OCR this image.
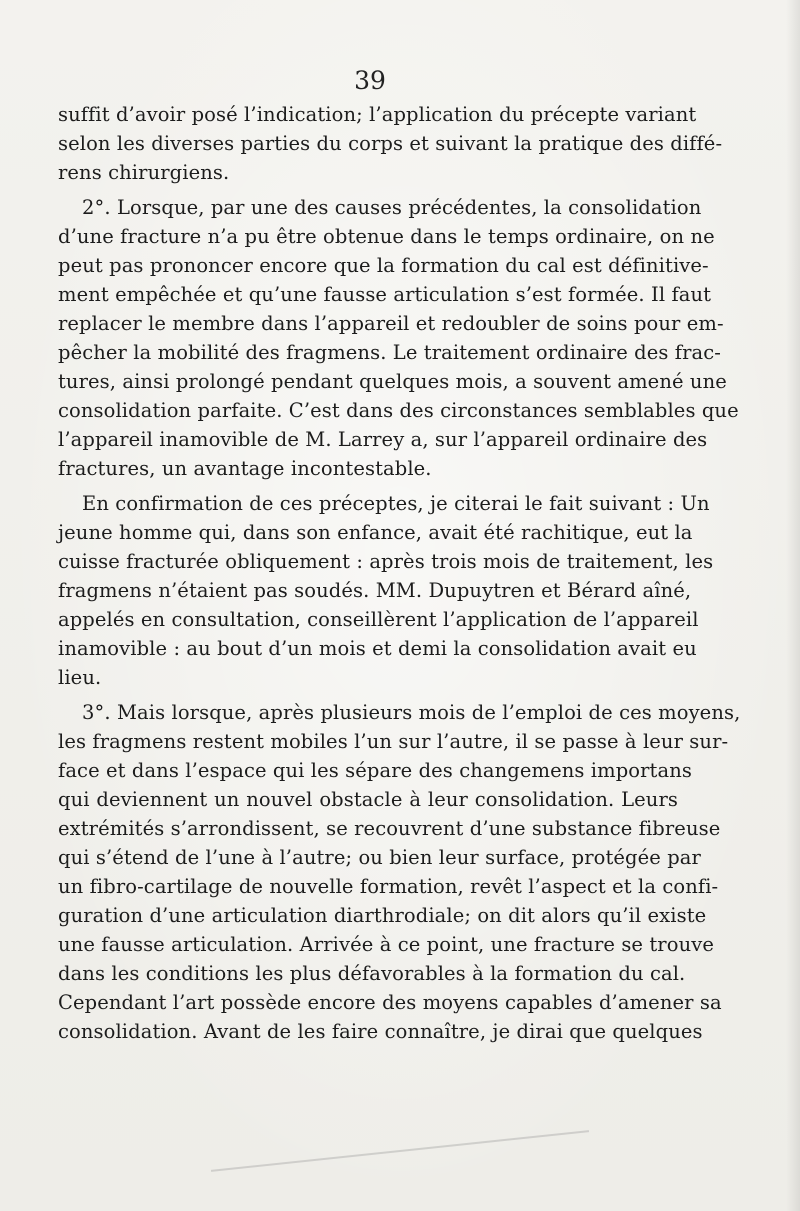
39
suffit d’avoir posé l’indication; l’application du précepte variant
selon les diverses parties du corps et suivant la pratique des diffé-
rens chirurgiens.
2°. Lorsque, par une des causes précédentes, la consolidation
d’une fracture n’a pu être obtenue dans le temps ordinaire, on ne
peut pas prononcer encore que la formation du cal est définitive-
ment empêchée et qu’une fausse articulation s’est formée. Il faut
replacer le membre dans l’appareil et redoubler de soins pour em-
pêcher la mobilité des fragmens. Le traitement ordinaire des frac-
tures, ainsi prolongé pendant quelques mois, a souvent amené une
consolidation parfaite. C’est dans des circonstances semblables que
l’appareil inamovible de M. Larrey a, sur l’appareil ordinaire des
fractures, un avantage incontestable.
En confirmation de ces préceptes, je citerai le fait suivant : Un
jeune homme qui, dans son enfance, avait été rachitique, eut la
cuisse fracturée obliquement : après trois mois de traitement, les
fragmens n’étaient pas soudés. MM. Dupuytren et Bérard aîné,
appelés en consultation, conseillèrent l’application de l’appareil
inamovible : au bout d’un mois et demi la consolidation avait eu
lieu.
3°. Mais lorsque, après plusieurs mois de l’emploi de ces moyens,
les fragmens restent mobiles l’un sur l’autre, il se passe à leur sur-
face et dans l’espace qui les sépare des changemens importans
qui deviennent un nouvel obstacle à leur consolidation. Leurs
extrémités s’arrondissent, se recouvrent d’une substance fibreuse
qui s’étend de l’une à l’autre; ou bien leur surface, protégée par
un fibro-cartilage de nouvelle formation, revêt l’aspect et la confi-
guration d’une articulation diarthrodiale; on dit alors qu’il existe
une fausse articulation. Arrivée à ce point, une fracture se trouve
dans les conditions les plus défavorables à la formation du cal.
Cependant l’art possède encore des moyens capables d’amener sa
consolidation. Avant de les faire connaître, je dirai que quelques
